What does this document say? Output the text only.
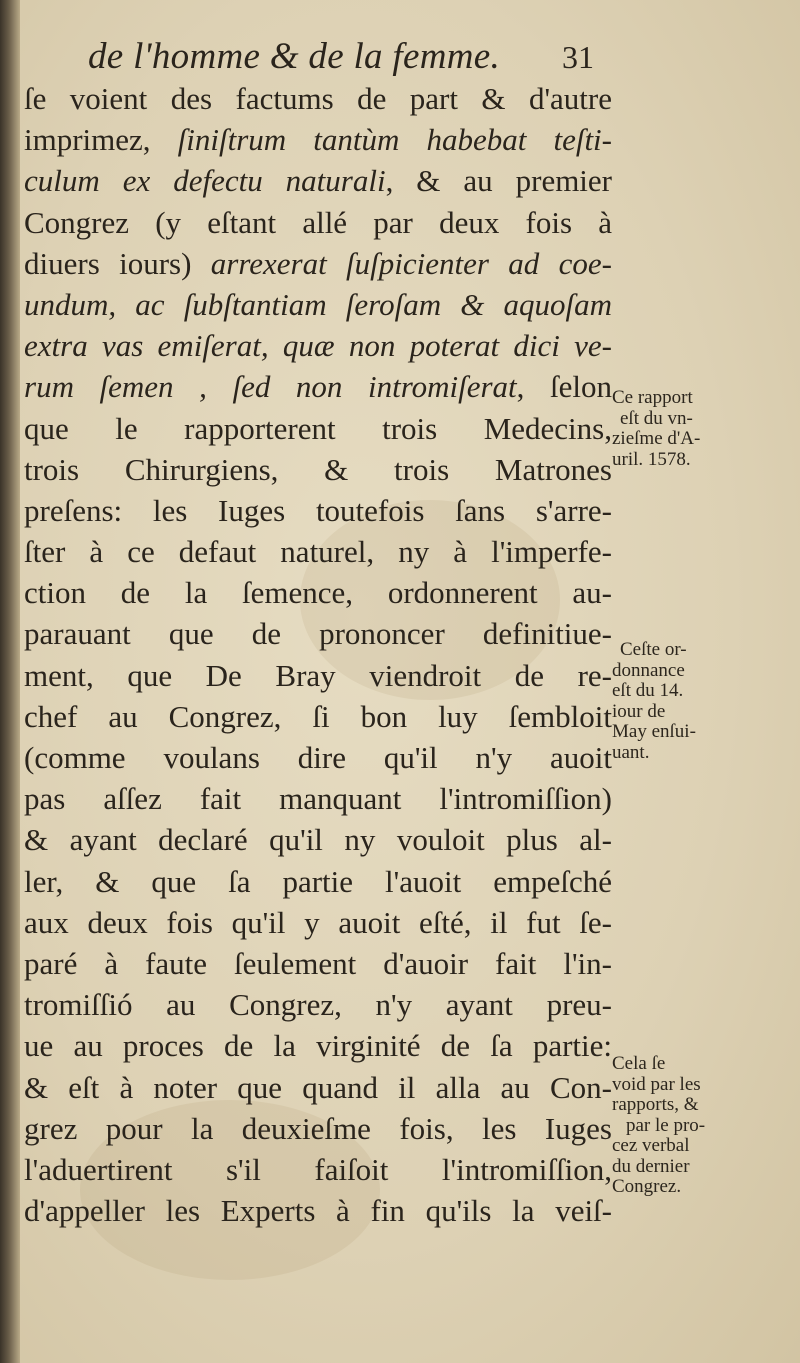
de l'homme & de la femme. 31
ſe voient des factums de part & d'autre
imprimez, ſiniſtrum tantùm habebat teſti-
culum ex defectu naturali, & au premier
Congrez (y eſtant allé par deux fois à
diuers iours) arrexerat ſuſpicienter ad coe-
undum, ac ſubſtantiam ſeroſam & aquoſam
extra vas emiſerat, quæ non poterat dici ve-
rum ſemen , ſed non intromiſerat, ſelon
que le rapporterent trois Medecins,
trois Chirurgiens, & trois Matrones
preſens: les Iuges toutefois ſans s'arre-
ſter à ce defaut naturel, ny à l'imperfe-
ction de la ſemence, ordonnerent au-
parauant que de prononcer definitiue-
ment, que De Bray viendroit de re-
chef au Congrez, ſi bon luy ſembloit
(comme voulans dire qu'il n'y auoit
pas aſſez fait manquant l'intromiſſion)
& ayant declaré qu'il ny vouloit plus al-
ler, & que ſa partie l'auoit empeſché
aux deux fois qu'il y auoit eſté, il fut ſe-
paré à faute ſeulement d'auoir fait l'in-
tromiſſió au Congrez, n'y ayant preu-
ue au proces de la virginité de ſa partie:
& eſt à noter que quand il alla au Con-
grez pour la deuxieſme fois, les Iuges
l'aduertirent s'il faiſoit l'intromiſſion,
d'appeller les Experts à fin qu'ils la veiſ-
Ce rapport
eſt du vn-
zieſme d'A-
uril. 1578.
Ceſte or-
donnance
eſt du 14.
iour de
May enſui-
uant.
Cela ſe
void par les
rapports, &
par le pro-
cez verbal
du dernier
Congrez.
